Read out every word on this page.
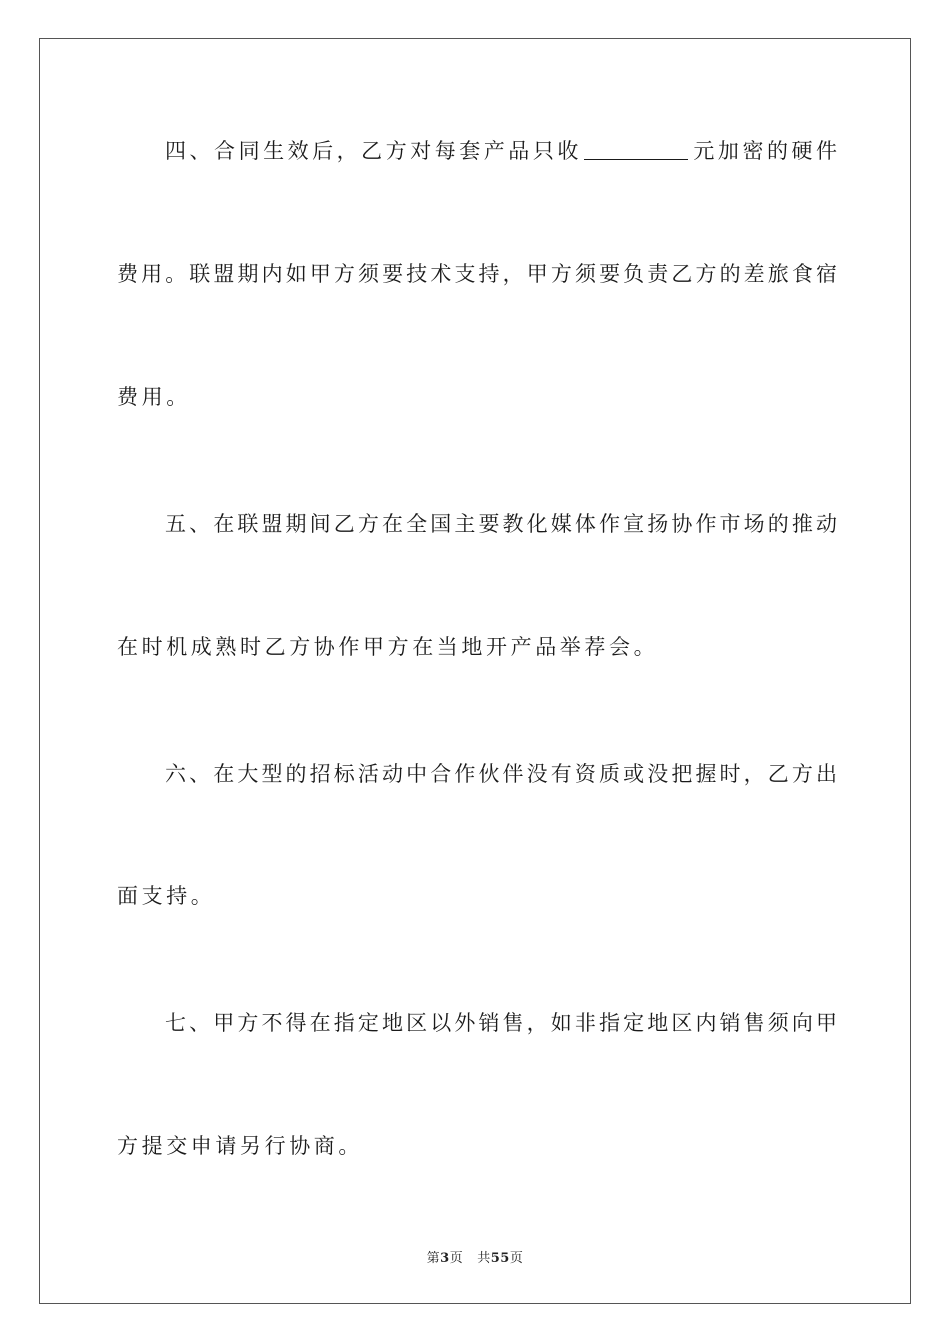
四、合同生效后，乙方对每套产品只收	元加密的硬件
费用。联盟期内如甲方须要技术支持，甲方须要负责乙方的差旅食宿
费用。
五、在联盟期间乙方在全国主要教化媒体作宣扬协作市场的推动
在时机成熟时乙方协作甲方在当地开产品举荐会。
六、在大型的招标活动中合作伙伴没有资质或没把握时，乙方出
面支持。
七、甲方不得在指定地区以外销售，如非指定地区内销售须向甲
方提交申请另行协商。
第3页 共55页
